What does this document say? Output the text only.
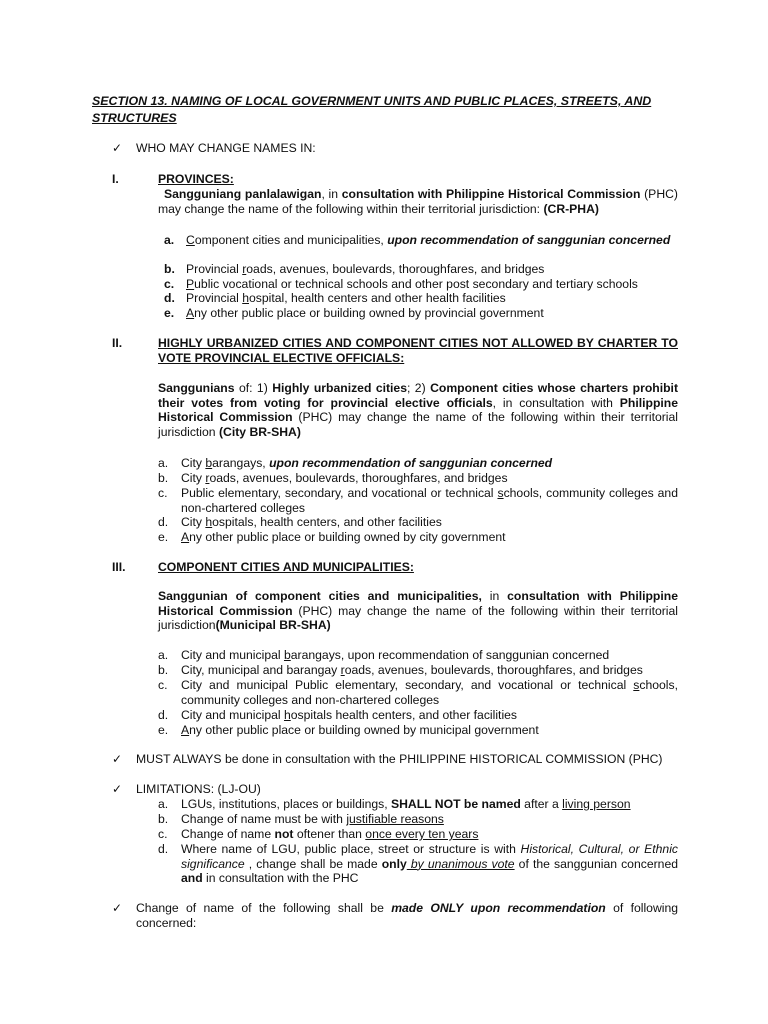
SECTION 13. NAMING OF LOCAL GOVERNMENT UNITS AND PUBLIC PLACES, STREETS, AND STRUCTURES
✓	WHO MAY CHANGE NAMES IN:
I.	PROVINCES:
Sangguniang panlalawigan, in consultation with Philippine Historical Commission (PHC) may change the name of the following within their territorial jurisdiction: (CR-PHA)
a. Component cities and municipalities, upon recommendation of sanggunian concerned
b. Provincial roads, avenues, boulevards, thoroughfares, and bridges
c. Public vocational or technical schools and other post secondary and tertiary schools
d. Provincial hospital, health centers and other health facilities
e. Any other public place or building owned by provincial government
II.	HIGHLY URBANIZED CITIES AND COMPONENT CITIES NOT ALLOWED BY CHARTER TO VOTE PROVINCIAL ELECTIVE OFFICIALS:
Sanggunians of: 1) Highly urbanized cities; 2) Component cities whose charters prohibit their votes from voting for provincial elective officials, in consultation with Philippine Historical Commission (PHC) may change the name of the following within their territorial jurisdiction (City BR-SHA)
a. City barangays, upon recommendation of sanggunian concerned
b. City roads, avenues, boulevards, thoroughfares, and bridges
c. Public elementary, secondary, and vocational or technical schools, community colleges and non-chartered colleges
d. City hospitals, health centers, and other facilities
e. Any other public place or building owned by city government
III.	COMPONENT CITIES AND MUNICIPALITIES:
Sanggunian of component cities and municipalities, in consultation with Philippine Historical Commission (PHC) may change the name of the following within their territorial jurisdiction(Municipal BR-SHA)
a. City and municipal barangays, upon recommendation of sanggunian concerned
b. City, municipal and barangay roads, avenues, boulevards, thoroughfares, and bridges
c. City and municipal Public elementary, secondary, and vocational or technical schools, community colleges and non-chartered colleges
d. City and municipal hospitals health centers, and other facilities
e. Any other public place or building owned by municipal government
✓	MUST ALWAYS be done in consultation with the PHILIPPINE HISTORICAL COMMISSION (PHC)
✓	LIMITATIONS: (LJ-OU)
a. LGUs, institutions, places or buildings, SHALL NOT be named after a living person
b. Change of name must be with justifiable reasons
c. Change of name not oftener than once every ten years
d. Where name of LGU, public place, street or structure is with Historical, Cultural, or Ethnic significance , change shall be made only by unanimous vote of the sanggunian concerned and in consultation with the PHC
✓	Change of name of the following shall be made ONLY upon recommendation of following concerned:
